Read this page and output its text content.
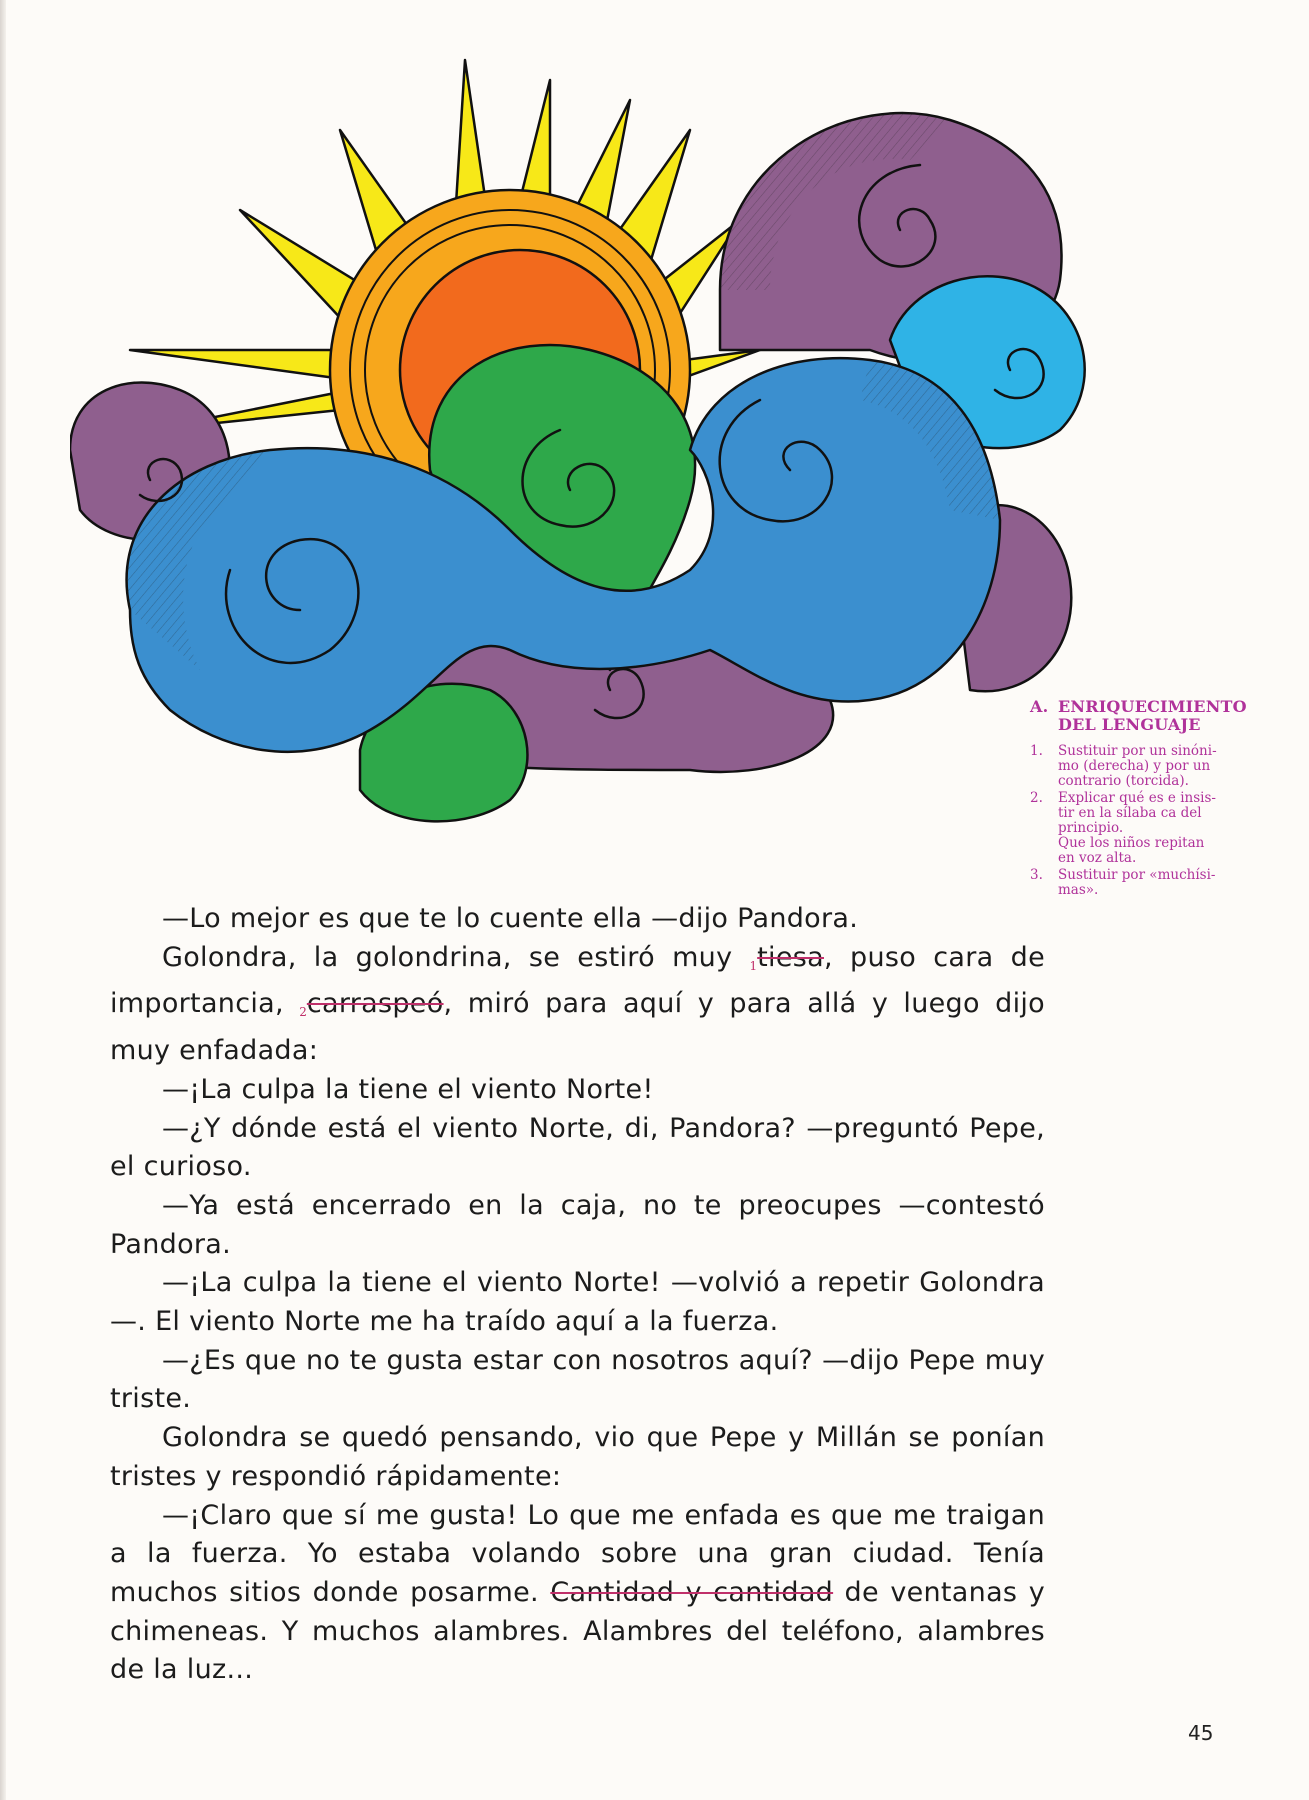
A. ENRIQUECIMIENTO
DEL LENGUAJE
1.	Sustituir por un sinóni-
mo (derecha) y por un
contrario (torcida).
2.	Explicar qué es e insis-
tir en la sílaba ca del
principio.
Que los niños repitan
en voz alta.
3.	Sustituir por «muchísi-
mas».

—Lo mejor es que te lo cuente ella —dijo Pandora.

Golondra, la golondrina, se estiró muy 1tiesa, puso cara de importancia, 2carraspeó, miró para aquí y para allá y luego dijo muy enfadada:

—¡La culpa la tiene el viento Norte!

—¿Y dónde está el viento Norte, di, Pandora? —preguntó Pepe, el curioso.

—Ya está encerrado en la caja, no te preocupes —contestó Pandora.

—¡La culpa la tiene el viento Norte! —volvió a repetir Golondra—. El viento Norte me ha traído aquí a la fuerza.

—¿Es que no te gusta estar con nosotros aquí? —dijo Pepe muy triste.

Golondra se quedó pensando, vio que Pepe y Millán se ponían tristes y respondió rápidamente:

—¡Claro que sí me gusta! Lo que me enfada es que me traigan a la fuerza. Yo estaba volando sobre una gran ciudad. Tenía muchos sitios donde posarme. Cantidad y cantidad de ventanas y chimeneas. Y muchos alambres. Alambres del teléfono, alambres de la luz...

45
